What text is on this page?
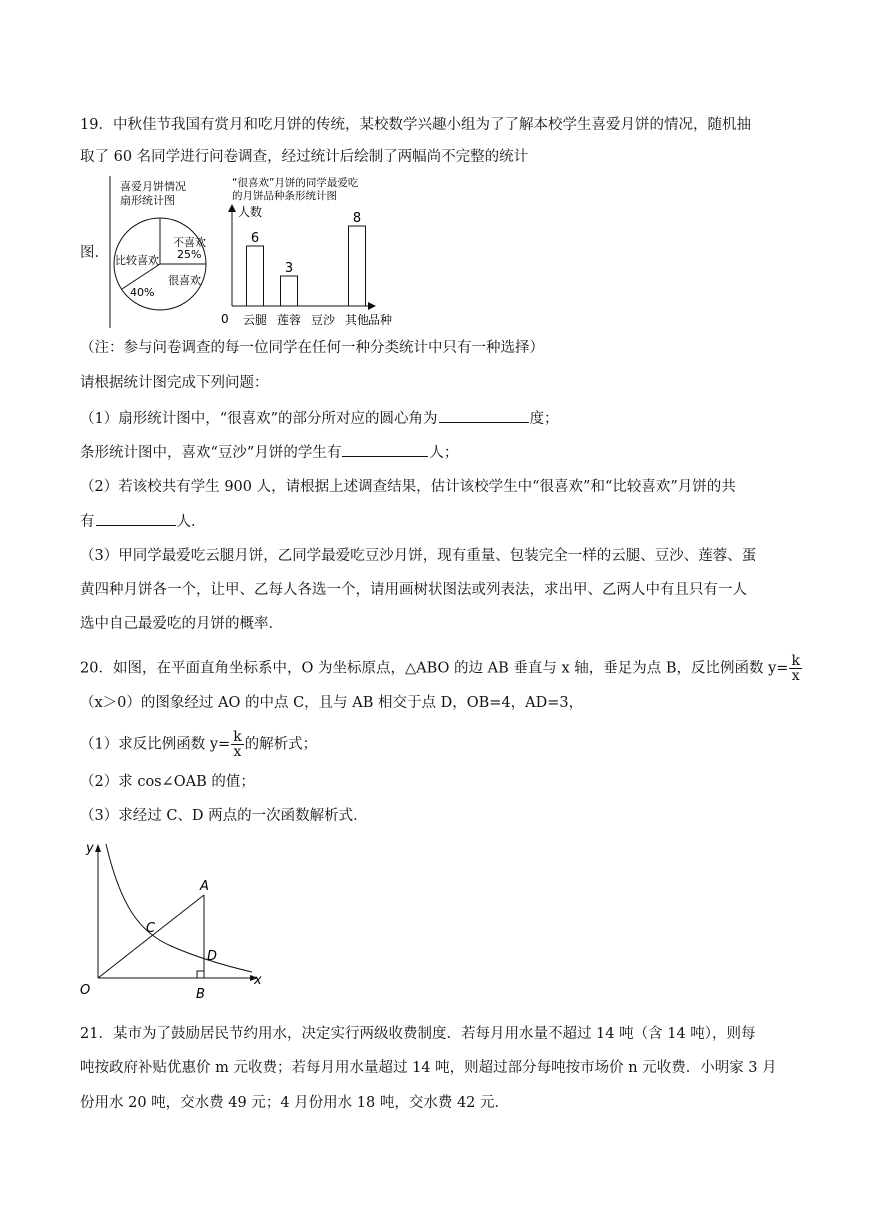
19．中秋佳节我国有赏月和吃月饼的传统，某校数学兴趣小组为了了解本校学生喜爱月饼的情况，随机抽
取了 60 名同学进行问卷调查，经过统计后绘制了两幅尚不完整的统计
图．
喜爱月饼情况
扇形统计图
不喜欢
25%
比较喜欢
40%
很喜欢
“很喜欢”月饼的同学最爱吃
的月饼品种条形统计图
人数
品种
0 云腿 莲蓉 豆沙 其他
6
3
8
（注：参与问卷调查的每一位同学在任何一种分类统计中只有一种选择）
请根据统计图完成下列问题：
（1）扇形统计图中，“很喜欢”的部分所对应的圆心角为	度；
条形统计图中，喜欢“豆沙”月饼的学生有	人；
（2）若该校共有学生 900 人，请根据上述调查结果，估计该校学生中“很喜欢”和“比较喜欢”月饼的共
有	人．
（3）甲同学最爱吃云腿月饼，乙同学最爱吃豆沙月饼，现有重量、包装完全一样的云腿、豆沙、莲蓉、蛋
黄四种月饼各一个，让甲、乙每人各选一个，请用画树状图法或列表法，求出甲、乙两人中有且只有一人
选中自己最爱吃的月饼的概率．
20．如图，在平面直角坐标系中，O 为坐标原点，△ABO 的边 AB 垂直与 x 轴，垂足为点 B，反比例函数 $y= \frac{k}{x}$
（x＞0）的图象经过 AO 的中点 C，且与 AB 相交于点 D，OB=4，AD=3，
（1）求反比例函数 $y= \frac{k}{x}$ 的解析式；
（2）求 cos∠OAB 的值；
（3）求经过 C、D 两点的一次函数解析式．
y
x
O
A
B
C
D
21．某市为了鼓励居民节约用水，决定实行两级收费制度．若每月用水量不超过 14 吨（含 14 吨），则每
吨按政府补贴优惠价 m 元收费；若每月用水量超过 14 吨，则超过部分每吨按市场价 n 元收费．小明家 3 月
份用水 20 吨，交水费 49 元；4 月份用水 18 吨，交水费 42 元．
